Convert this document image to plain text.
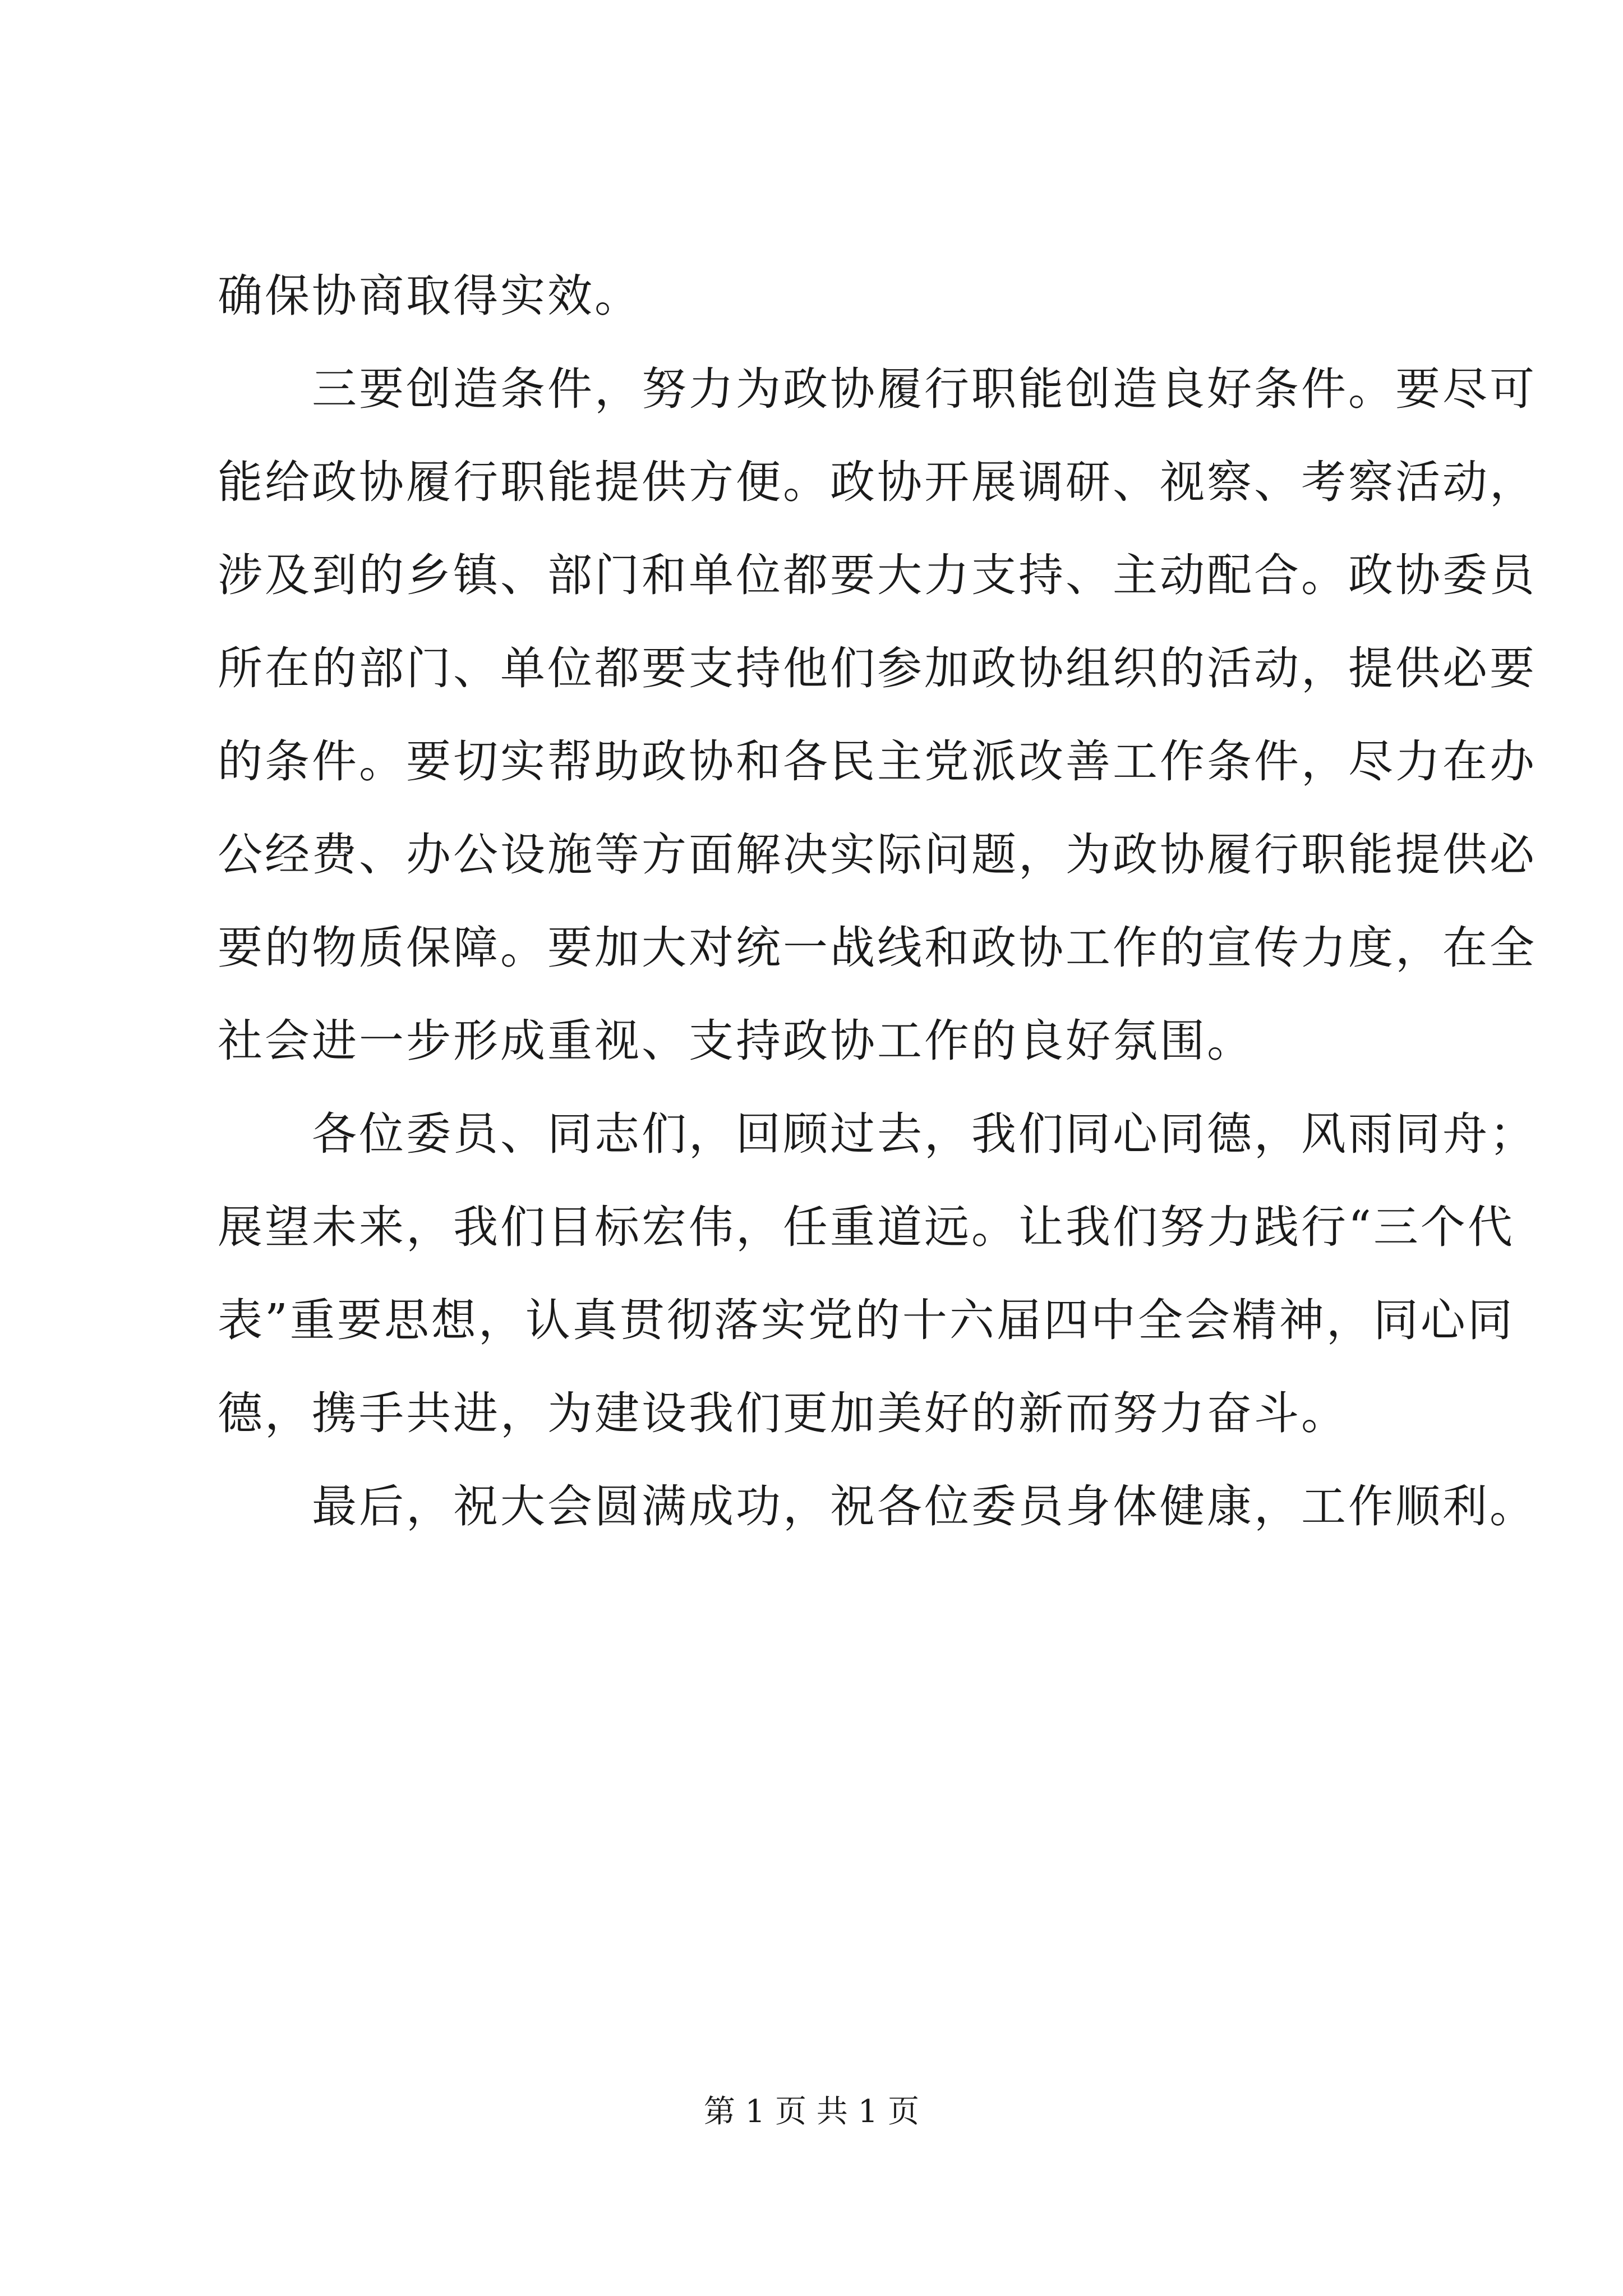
确保协商取得实效。
三要创造条件，努力为政协履行职能创造良好条件。要尽可
能给政协履行职能提供方便。政协开展调研、视察、考察活动，
涉及到的乡镇、部门和单位都要大力支持、主动配合。政协委员
所在的部门、单位都要支持他们参加政协组织的活动，提供必要
的条件。要切实帮助政协和各民主党派改善工作条件，尽力在办
公经费、办公设施等方面解决实际问题，为政协履行职能提供必
要的物质保障。要加大对统一战线和政协工作的宣传力度，在全
社会进一步形成重视、支持政协工作的良好氛围。
各位委员、同志们，回顾过去，我们同心同德，风雨同舟；
展望未来，我们目标宏伟，任重道远。让我们努力践行“三个代
表”重要思想，认真贯彻落实党的十六届四中全会精神，同心同
德，携手共进，为建设我们更加美好的新而努力奋斗。
最后，祝大会圆满成功，祝各位委员身体健康，工作顺利。
第 1 页 共 1 页
